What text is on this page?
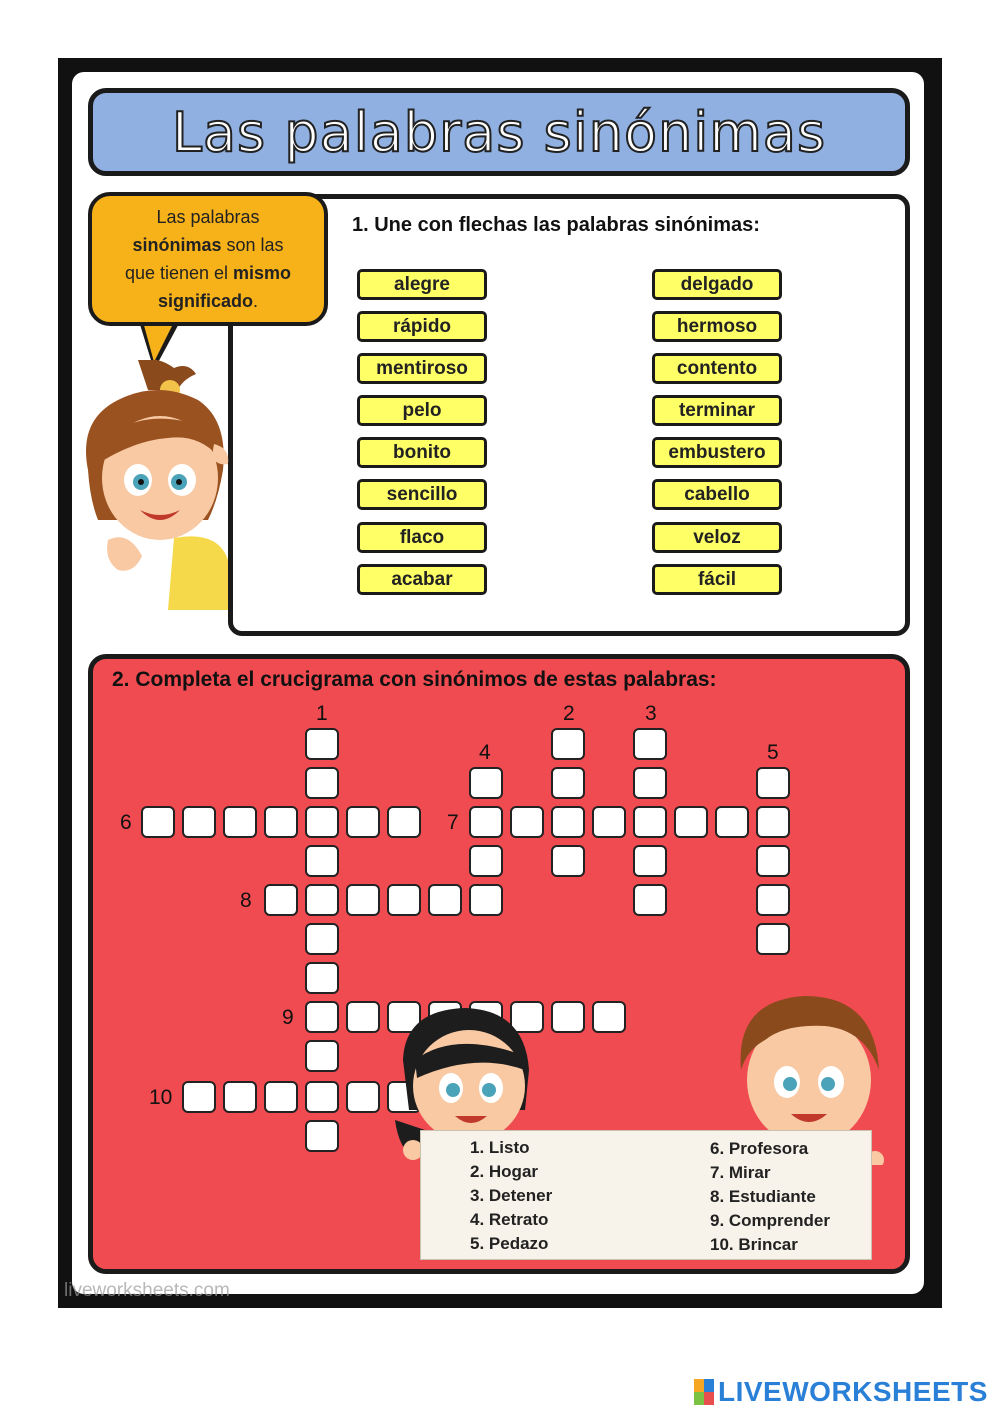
Las palabras sinónimas
1. Une con flechas las palabras sinónimas:
Las palabras
sinónimas son las
que tienen el mismo
significado.
alegre
rápido
mentiroso
pelo
bonito
sencillo
flaco
acabar
delgado
hermoso
contento
terminar
embustero
cabello
veloz
fácil
2. Completa el crucigrama con sinónimos de estas palabras:
1	2	3
4	5
6	7
8
9
10
1. Listo	6. Profesora
2. Hogar	7. Mirar
3. Detener	8. Estudiante
4. Retrato	9. Comprender
5. Pedazo	10. Brincar
liveworksheets.com
LIVEWORKSHEETS
